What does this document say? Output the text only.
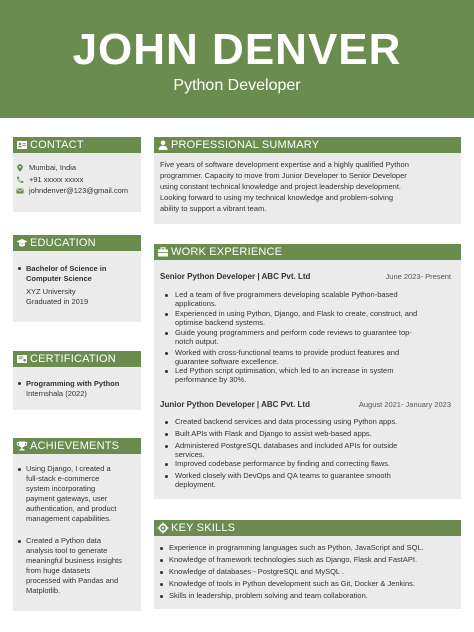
JOHN DENVER
Python Developer
CONTACT
Mumbai, India
+91 xxxxx xxxxx
johndenver@123@gmail.com
EDUCATION
Bachelor of Science in
Computer Science
XYZ University
Graduated in 2019
CERTIFICATION
Programming with Python
Internshala (2022)
ACHIEVEMENTS
Using Django, I created a
full-stack e-commerce
system incorporating
payment gateways, user
authentication, and product
management capabilities.
Created a Python data
analysis tool to generate
meaningful business insights
from huge datasets
processed with Pandas and
Matplotlib.
PROFESSIONAL SUMMARY
Five years of software development expertise and a highly qualified Python
programmer. Capacity to move from Junior Developer to Senior Developer
using constant technical knowledge and project leadership development.
Looking forward to using my technical knowledge and problem-solving
ability to support a vibrant team.
WORK EXPERIENCE
Senior Python Developer | ABC Pvt. Ltd	June 2023- Present
Led a team of five programmers developing scalable Python-based
applications.
Experienced in using Python, Django, and Flask to create, construct, and
optimise backend systems.
Guide young programmers and perform code reviews to guarantee top-
notch output.
Worked with cross-functional teams to provide product features and
guarantee software excellence.
Led Python script optimisation, which led to an increase in system
performance by 30%.
Junior Python Developer | ABC Pvt. Ltd	August 2021- January 2023
Created backend services and data processing using Python apps.
Built APIs with Flask and Django to assist web-based apps.
Administered PostgreSQL databases and included APIs for outside
services.
Improved codebase performance by finding and correcting flaws.
Worked closely with DevOps and QA teams to guarantee smooth
deployment.
KEY SKILLS
Experience in programming languages such as Python, JavaScript and SQL.
Knowledge of framework technologies such as Django, Flask and FastAPI.
Knowledge of databases - PostgreSQL and MySQL .
Knowledge of tools in Python development such as Git, Docker & Jenkins.
Skills in leadership, problem solving and team collaboration.
